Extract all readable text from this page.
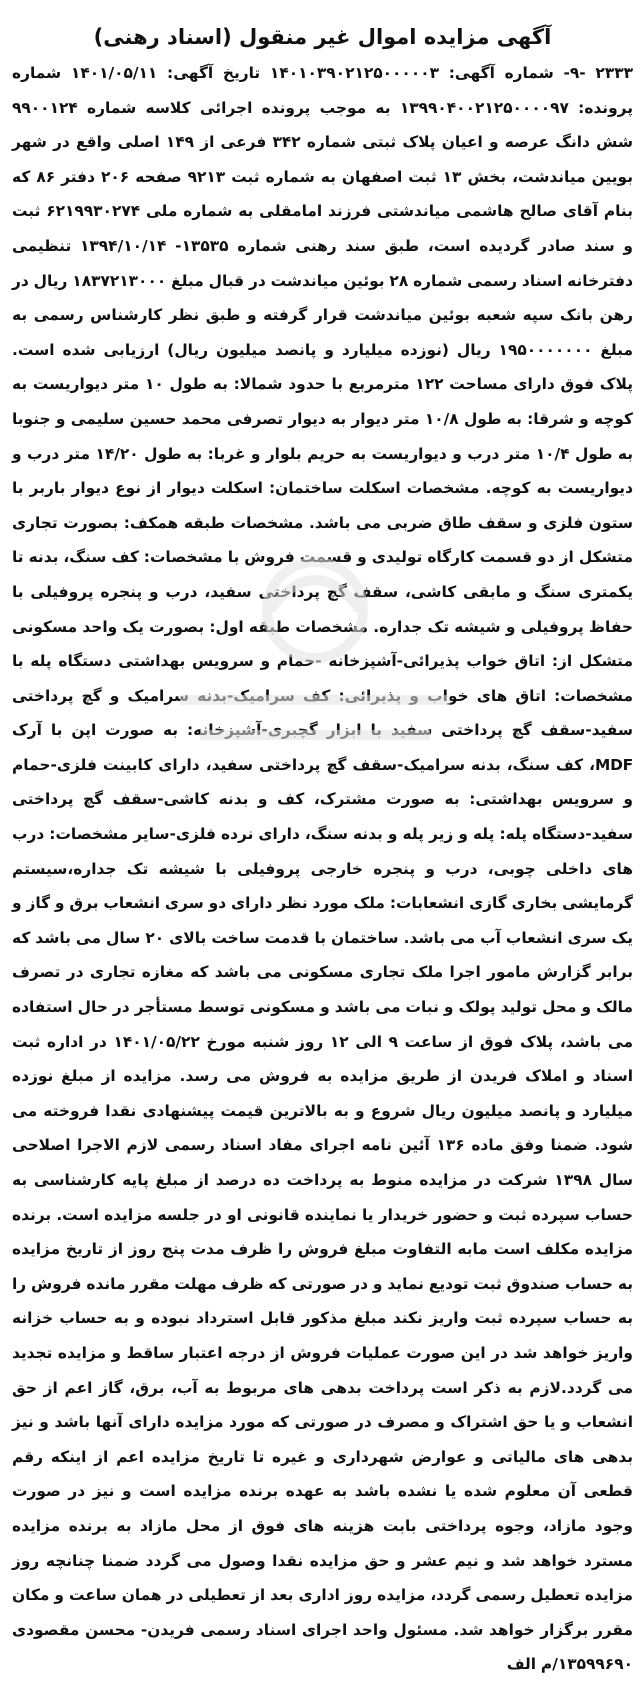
آگهی مزایده اموال غیر منقول (اسناد رهنی)

۲۳۳۳ -۹- شماره آگهی: ۱۴۰۱۰۳۹۰۲۱۲۵۰۰۰۰۰۳ تاریخ آگهی: ۱۴۰۱/۰۵/۱۱ شماره پرونده: ۱۳۹۹۰۴۰۰۲۱۲۵۰۰۰۰۹۷ به موجب پرونده اجرائی کلاسه شماره ۹۹۰۰۱۲۴ شش دانگ عرصه و اعیان پلاک ثبتی شماره ۳۴۲ فرعی از ۱۴۹ اصلی واقع در شهر بویین میاندشت، بخش ۱۳ ثبت اصفهان به شماره ثبت ۹۲۱۳ صفحه ۲۰۶ دفتر ۸۶ که بنام آقای صالح هاشمی میاندشتی فرزند امامقلی به شماره ملی ۶۲۱۹۹۳۰۲۷۴ ثبت و سند صادر گردیده است، طبق سند رهنی شماره ۱۳۵۳۵- ۱۳۹۴/۱۰/۱۴ تنظیمی دفترخانه اسناد رسمی شماره ۲۸ بوئین میاندشت در قبال مبلغ ۱۸۳۷۲۱۳۰۰۰ ریال در رهن بانک سپه شعبه بوئین میاندشت قرار گرفته و طبق نظر کارشناس رسمی به مبلغ ۱۹۵۰۰۰۰۰۰۰ ریال (نوزده میلیارد و پانصد میلیون ریال) ارزیابی شده است. پلاک فوق دارای مساحت ۱۲۲ مترمربع با حدود شمالا: به طول ۱۰ متر دیواریست به کوچه و شرقا: به طول ۱۰/۸ متر دیوار به دیوار تصرفی محمد حسین سلیمی و جنوبا به طول ۱۰/۴ متر درب و دیواریست به حریم بلوار و غربا: به طول ۱۴/۲۰ متر درب و دیواریست به کوچه. مشخصات اسکلت ساختمان: اسکلت دیوار از نوع دیوار باربر با ستون فلزی و سقف طاق ضربی می باشد. مشخصات طبقه همکف: بصورت تجاری متشکل از دو قسمت کارگاه تولیدی و قسمت فروش با مشخصات: کف سنگ، بدنه تا یکمتری سنگ و مابقی کاشی، سقف گچ پرداختی سفید، درب و پنجره پروفیلی با حفاظ پروفیلی و شیشه تک جداره. مشخصات طبقه اول: بصورت یک واحد مسکونی متشکل از: اتاق خواب پذیرائی-آشپزخانه -حمام و سرویس بهداشتی دستگاه پله با مشخصات: اتاق های خواب و پذیرائی: کف سرامیک-بدنه سرامیک و گچ پرداختی سفید-سقف گچ پرداختی سفید با ابزار گچبری-آشپزخانه: به صورت اپن با آرک MDF، کف سنگ، بدنه سرامیک-سقف گچ پرداختی سفید، دارای کابینت فلزی-حمام و سرویس بهداشتی: به صورت مشترک، کف و بدنه کاشی-سقف گچ پرداختی سفید-دستگاه پله: پله و زیر پله و بدنه سنگ، دارای نرده فلزی-سایر مشخصات: درب های داخلی چوبی، درب و پنجره خارجی پروفیلی با شیشه تک جداره،سیستم گرمایشی بخاری گازی انشعابات: ملک مورد نظر دارای دو سری انشعاب برق و گاز و یک سری انشعاب آب می باشد. ساختمان با قدمت ساخت بالای ۲۰ سال می باشد که برابر گزارش مامور اجرا ملک تجاری مسکونی می باشد که مغازه تجاری در تصرف مالک و محل تولید پولک و نبات می باشد و مسکونی توسط مستأجر در حال استفاده می باشد، پلاک فوق از ساعت ۹ الی ۱۲ روز شنبه مورخ ۱۴۰۱/۰۵/۲۲ در اداره ثبت اسناد و املاک فریدن از طریق مزایده به فروش می رسد. مزایده از مبلغ نوزده میلیارد و پانصد میلیون ریال شروع و به بالاترین قیمت پیشنهادی نقدا فروخته می شود. ضمنا وفق ماده ۱۳۶ آئین نامه اجرای مفاد اسناد رسمی لازم الاجرا اصلاحی سال ۱۳۹۸ شرکت در مزایده منوط به پرداخت ده درصد از مبلغ پایه کارشناسی به حساب سپرده ثبت و حضور خریدار یا نماینده قانونی او در جلسه مزایده است. برنده مزایده مکلف است مابه التفاوت مبلغ فروش را ظرف مدت پنج روز از تاریخ مزایده به حساب صندوق ثبت تودیع نماید و در صورتی که ظرف مهلت مقرر مانده فروش را به حساب سپرده ثبت واریز نکند مبلغ مذکور قابل استرداد نبوده و به حساب خزانه واریز خواهد شد در این صورت عملیات فروش از درجه اعتبار ساقط و مزایده تجدید می گردد.لازم به ذکر است پرداخت بدهی های مربوط به آب، برق، گاز اعم از حق انشعاب و یا حق اشتراک و مصرف در صورتی که مورد مزایده دارای آنها باشد و نیز بدهی های مالیاتی و عوارض شهرداری و غیره تا تاریخ مزایده اعم از اینکه رقم قطعی آن معلوم شده یا نشده باشد به عهده برنده مزایده است و نیز در صورت وجود مازاد، وجوه پرداختی بابت هزینه های فوق از محل مازاد به برنده مزایده مسترد خواهد شد و نیم عشر و حق مزایده نقدا وصول می گردد ضمنا چنانچه روز مزایده تعطیل رسمی گردد، مزایده روز اداری بعد از تعطیلی در همان ساعت و مکان مقرر برگزار خواهد شد. مسئول واحد اجرای اسناد رسمی فریدن- محسن مقصودی ۱۳۵۹۹۶۹۰/م الف
